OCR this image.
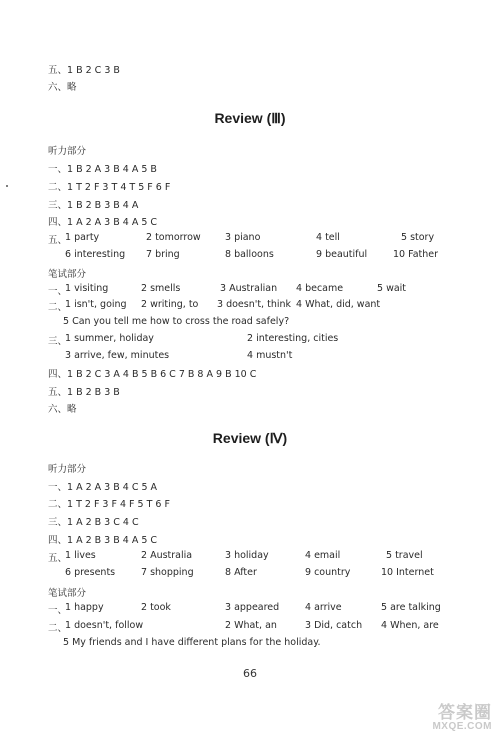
五、1 B 2 C 3 B
六、略
Review (Ⅲ)
听力部分
一、1 B 2 A 3 B 4 A 5 B
二、1 T 2 F 3 T 4 T 5 F 6 F
三、1 B 2 B 3 B 4 A
四、1 A 2 A 3 B 4 A 5 C
五、
1 party	2 tomorrow	3 piano	4 tell	5 story
6 interesting 7 bring	8 balloons	9 beautiful	10 Father
笔试部分
一、
1 visiting	2 smells	3 Australian 4 became	5 wait
二、
1 isn't, going 2 writing, to 3 doesn't, think 4 What, did, want
5 Can you tell me how to cross the road safely?
三、
1 summer, holiday	2 interesting, cities
3 arrive, few, minutes	4 mustn't
四、1 B 2 C 3 A 4 B 5 B 6 C 7 B 8 A 9 B 10 C
五、1 B 2 B 3 B
六、略
Review (Ⅳ)
听力部分
一、1 A 2 A 3 B 4 C 5 A
二、1 T 2 F 3 F 4 F 5 T 6 F
三、1 A 2 B 3 C 4 C
四、1 A 2 B 3 B 4 A 5 C
五、
1 lives	2 Australia	3 holiday	4 email	5 travel
6 presents	7 shopping	8 After	9 country	10 Internet
笔试部分
一、
1 happy	2 took	3 appeared	4 arrive	5 are talking
二、
1 doesn't, follow	2 What, an	3 Did, catch 4 When, are
5 My friends and I have different plans for the holiday.
66
答案圈
MXQE.COM
